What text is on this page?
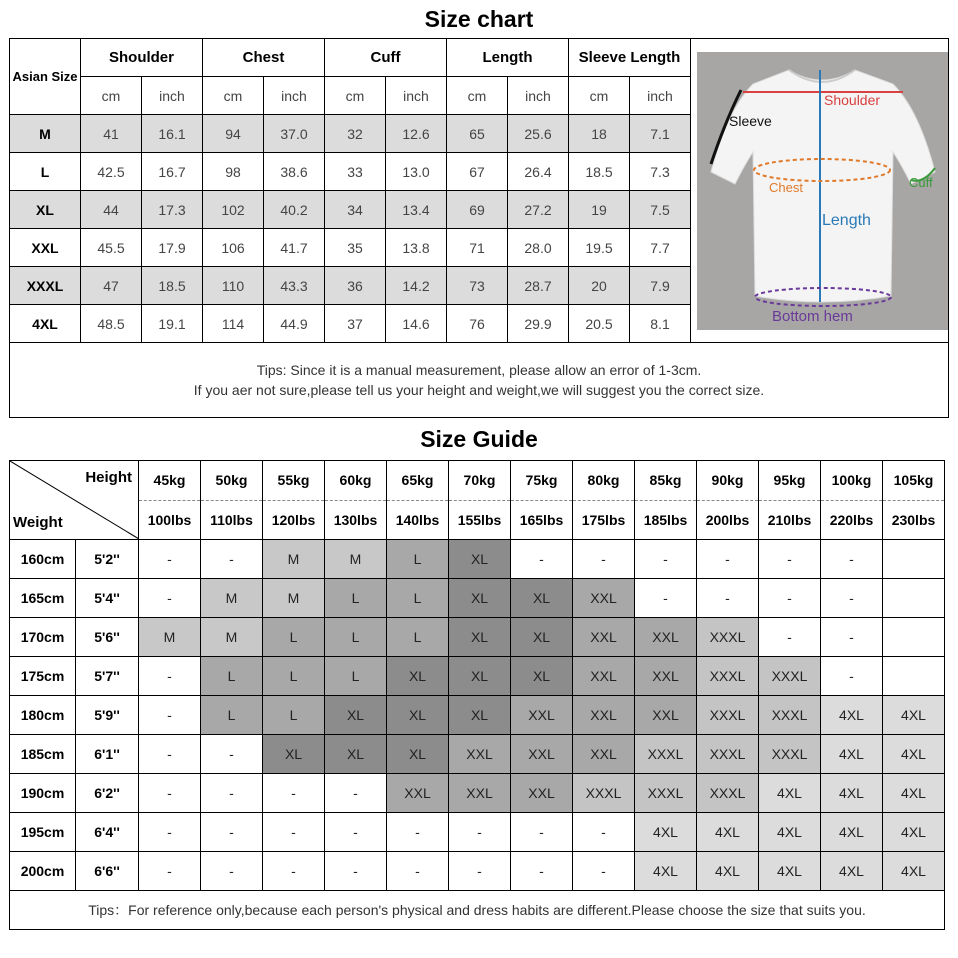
Size chart
Asian Size	Shoulder		Chest		Cuff		Length		Sleeve Length		
	cm	inch	cm	inch	cm	inch	cm	inch	cm	inch	
M	41	16.1	94	37.0	32	12.6	65	25.6	18	7.1	
L	42.5	16.7	98	38.6	33	13.0	67	26.4	18.5	7.3	
XL	44	17.3	102	40.2	34	13.4	69	27.2	19	7.5	
XXL	45.5	17.9	106	41.7	35	13.8	71	28.0	19.5	7.7	
XXXL	47	18.5	110	43.3	36	14.2	73	28.7	20	7.9	
4XL	48.5	19.1	114	44.9	37	14.6	76	29.9	20.5	8.1	

Tips: Since it is a manual measurement, please allow an error of 1-3cm.
If you aer not sure,please tell us your height and weight,we will suggest you the correct size.											
Shoulder
Sleeve
Chest	Cuff
Length
Bottom hem
Size Guide
Height
Weight		45kg	50kg	55kg	60kg	65kg	70kg	75kg	80kg	85kg	90kg	95kg	100kg	105kg
		100lbs	110lbs	120lbs	130lbs	140lbs	155lbs	165lbs	175lbs	185lbs	200lbs	210lbs	220lbs	230lbs
160cm	5'2''	-	-	M	M	L	XL	-	-	-	-	-	-	
165cm	5'4''	-	M	M	L	L	XL	XL	XXL	-	-	-	-	
170cm	5'6''	M	M	L	L	L	XL	XL	XXL	XXL	XXXL	-	-	
175cm	5'7''	-	L	L	L	XL	XL	XL	XXL	XXL	XXXL	XXXL	-	
180cm	5'9''	-	L	L	XL	XL	XL	XXL	XXL	XXL	XXXL	XXXL	4XL	4XL
185cm	6'1''	-	-	XL	XL	XL	XXL	XXL	XXL	XXXL	XXXL	XXXL	4XL	4XL
190cm	6'2''	-	-	-	-	XXL	XXL	XXL	XXXL	XXXL	XXXL	4XL	4XL	4XL
195cm	6'4''	-	-	-	-	-	-	-	-	4XL	4XL	4XL	4XL	4XL
200cm	6'6''	-	-	-	-	-	-	-	-	4XL	4XL	4XL	4XL	4XL
Tips：For reference only,because each person's physical and dress habits are different.Please choose the size that suits you.														
